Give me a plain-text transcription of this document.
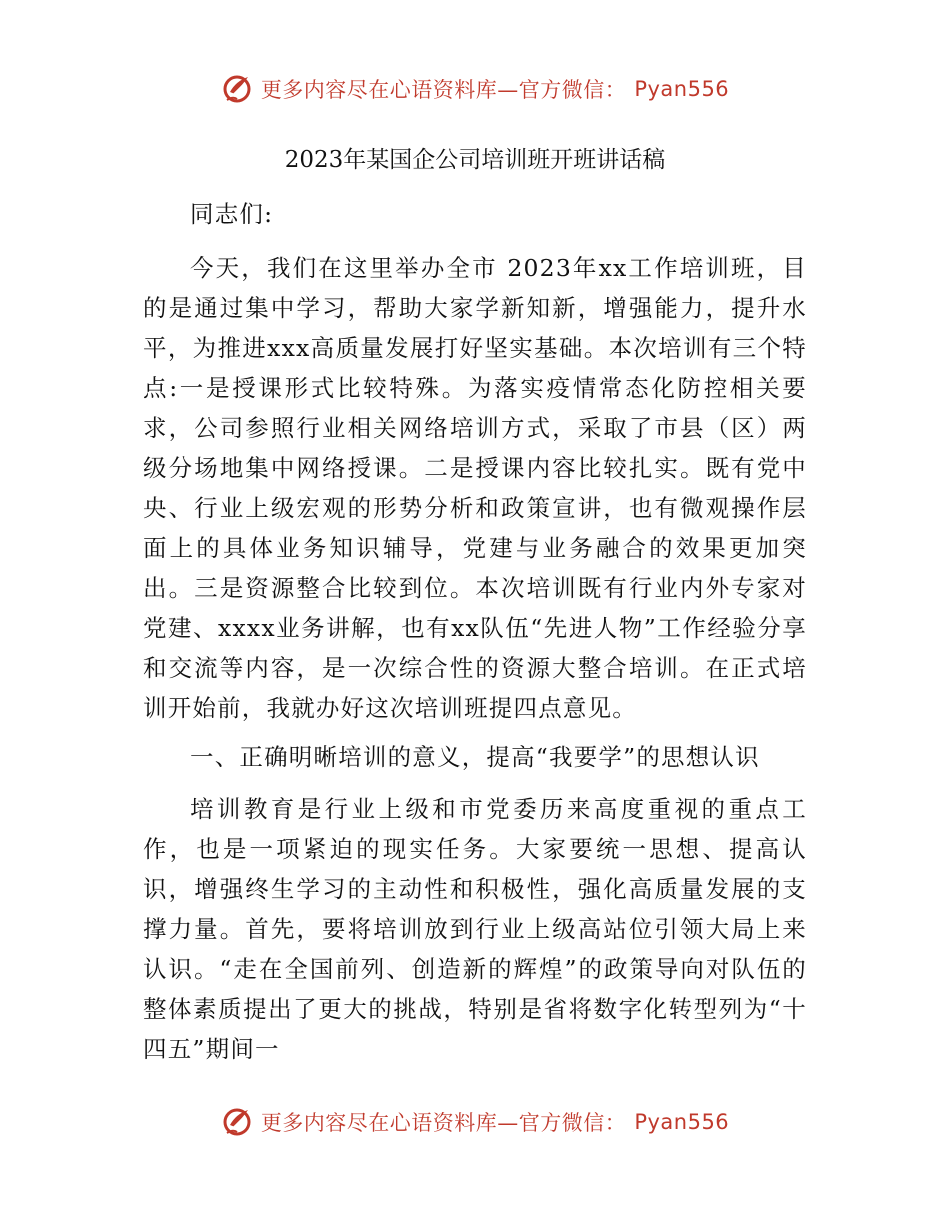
更多内容尽在心语资料库—官方微信： Pyan556
2023年某国企公司培训班开班讲话稿

同志们:

今天，我们在这里举办全市 2023年xx工作培训班，目的是通过集中学习，帮助大家学新知新，增强能力，提升水平，为推进xxx高质量发展打好坚实基础。本次培训有三个特点:一是授课形式比较特殊。为落实疫情常态化防控相关要求，公司参照行业相关网络培训方式，采取了市县（区）两级分场地集中网络授课。二是授课内容比较扎实。既有党中央、行业上级宏观的形势分析和政策宣讲，也有微观操作层面上的具体业务知识辅导，党建与业务融合的效果更加突出。三是资源整合比较到位。本次培训既有行业内外专家对党建、xxxx业务讲解，也有xx队伍“先进人物”工作经验分享和交流等内容，是一次综合性的资源大整合培训。在正式培训开始前，我就办好这次培训班提四点意见。

一、正确明晰培训的意义，提高“我要学”的思想认识

培训教育是行业上级和市党委历来高度重视的重点工作，也是一项紧迫的现实任务。大家要统一思想、提高认识，增强终生学习的主动性和积极性，强化高质量发展的支撑力量。首先，要将培训放到行业上级高站位引领大局上来认识。“走在全国前列、创造新的辉煌”的政策导向对队伍的整体素质提出了更大的挑战，特别是省将数字化转型列为“十四五”期间一

更多内容尽在心语资料库—官方微信： Pyan556
